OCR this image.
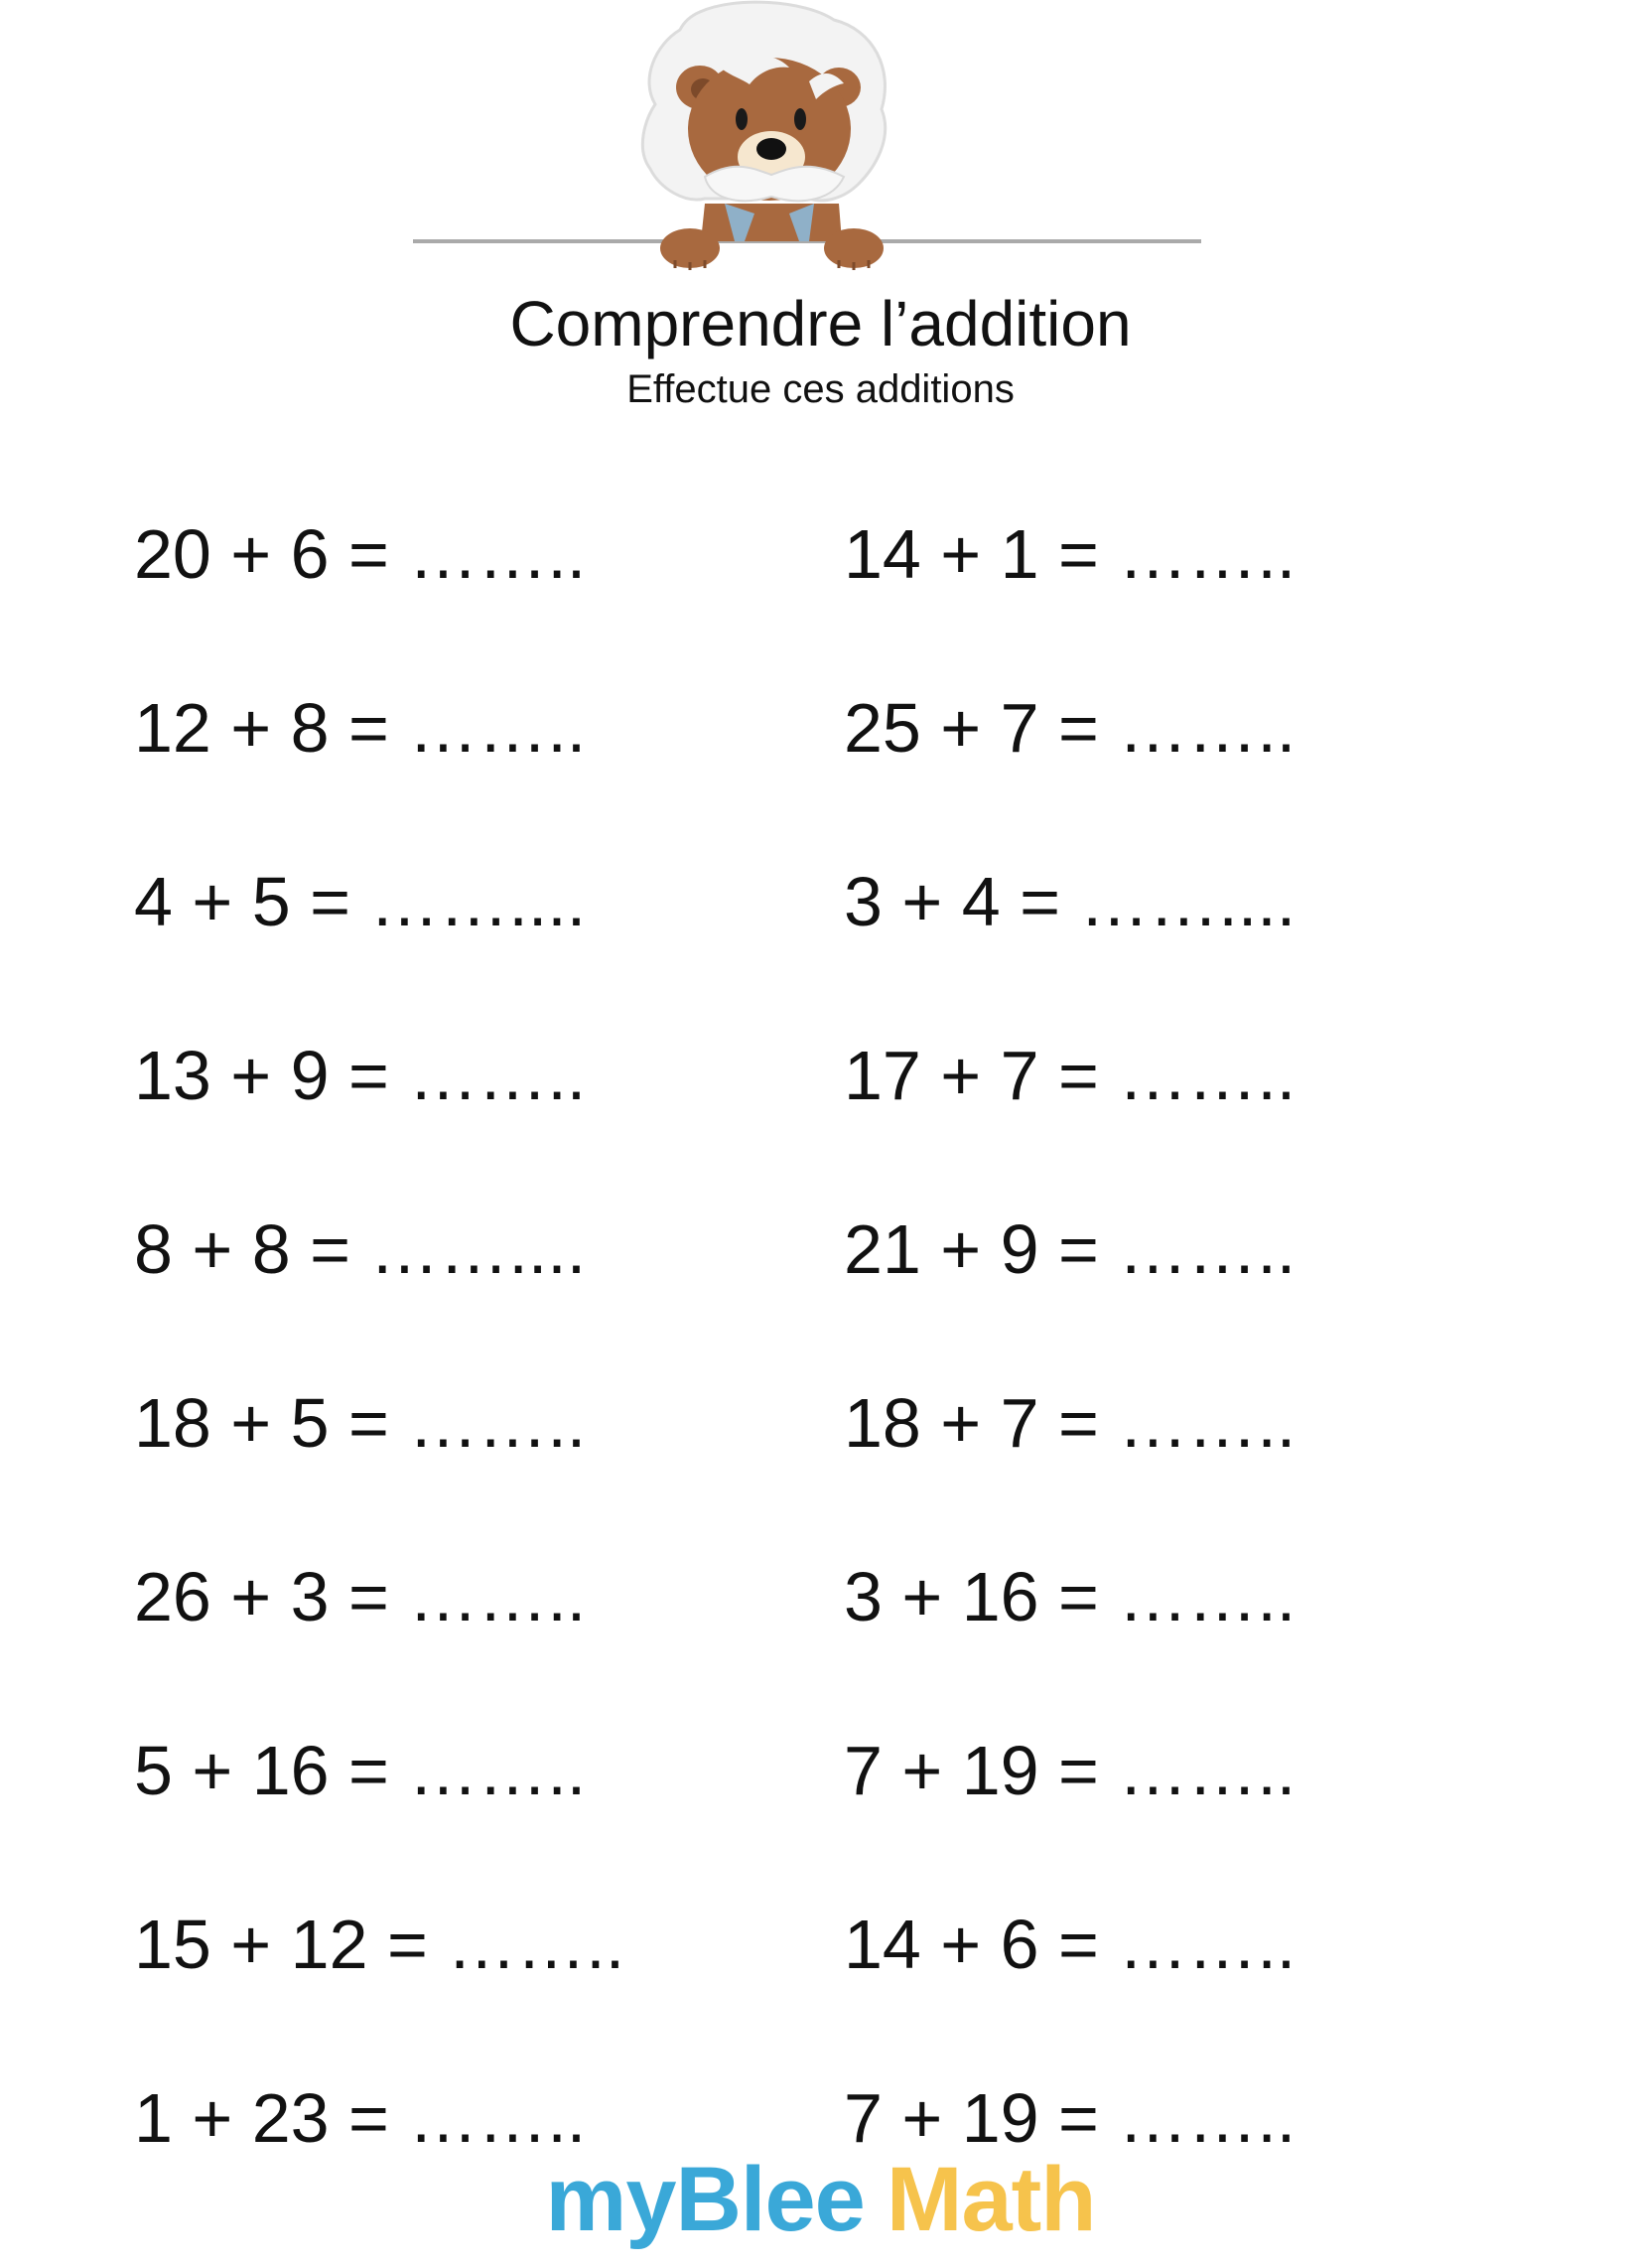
Comprendre l’addition
Effectue ces additions
20 + 6 = ……..	14 + 1 = ……..
12 + 8 = ……..	25 + 7 = ……..
4 + 5 = ……....	3 + 4 = ……....
13 + 9 = ……..	17 + 7 = ……..
8 + 8 = ……....	21 + 9 = ……..
18 + 5 = ……..	18 + 7 = ……..
26 + 3 = ……..	3 + 16 = ……..
5 + 16 = ……..	7 + 19 = ……..
15 + 12 = ……..	14 + 6 = ……..
1 + 23 = ……..	7 + 19 = ……..
myBlee Math
